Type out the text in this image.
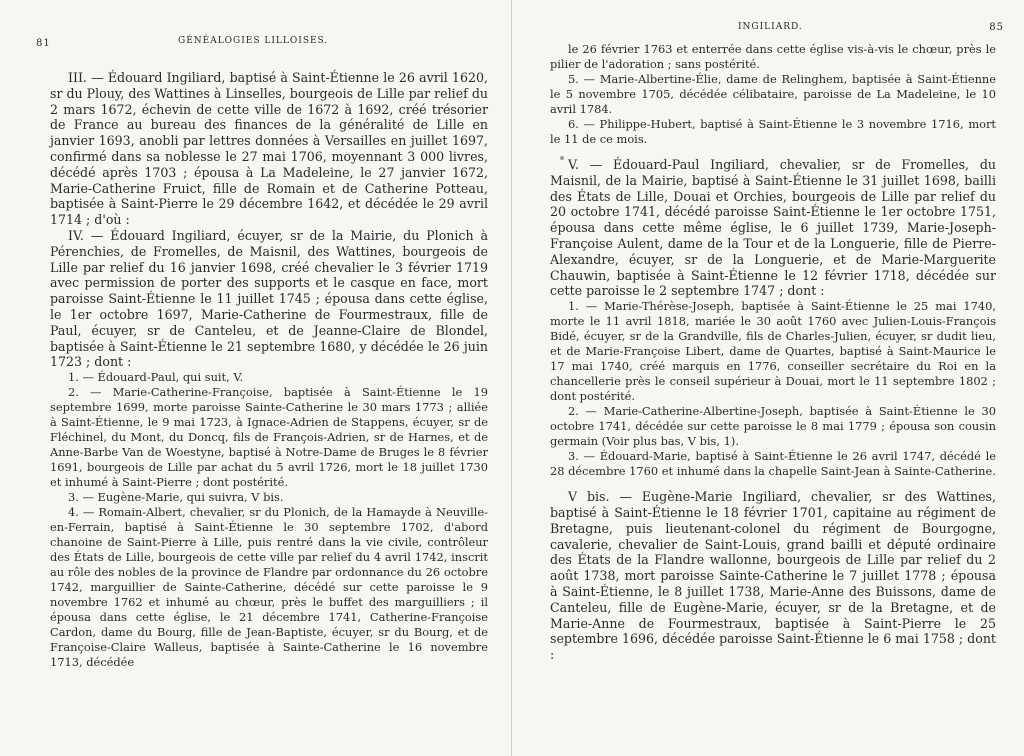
81	GÉNÉALOGIES LILLOISES.

III. — Édouard Ingiliard, baptisé à Saint-Étienne le 26 avril 1620, sr du Plouy, des Wattines à Linselles, bourgeois de Lille par relief du 2 mars 1672, échevin de cette ville de 1672 à 1692, créé trésorier de France au bureau des finances de la généralité de Lille en janvier 1693, anobli par lettres données à Versailles en juillet 1697, confirmé dans sa noblesse le 27 mai 1706, moyennant 3 000 livres, décédé après 1703 ; épousa à La Madeleine, le 27 janvier 1672, Marie-Catherine Fruict, fille de Romain et de Catherine Potteau, baptisée à Saint-Pierre le 29 décembre 1642, et décédée le 29 avril 1714 ; d'où :

IV. — Édouard Ingiliard, écuyer, sr de la Mairie, du Plonich à Pérenchies, de Fromelles, de Maisnil, des Wattines, bourgeois de Lille par relief du 16 janvier 1698, créé chevalier le 3 février 1719 avec permission de porter des supports et le casque en face, mort paroisse Saint-Étienne le 11 juillet 1745 ; épousa dans cette église, le 1er octobre 1697, Marie-Catherine de Fourmestraux, fille de Paul, écuyer, sr de Canteleu, et de Jeanne-Claire de Blondel, baptisée à Saint-Étienne le 21 septembre 1680, y décédée le 26 juin 1723 ; dont :

1. — Édouard-Paul, qui suit, V.

2. — Marie-Catherine-Françoise, baptisée à Saint-Étienne le 19 septembre 1699, morte paroisse Sainte-Catherine le 30 mars 1773 ; alliée à Saint-Étienne, le 9 mai 1723, à Ignace-Adrien de Stappens, écuyer, sr de Fléchinel, du Mont, du Doncq, fils de François-Adrien, sr de Harnes, et de Anne-Barbe Van de Woestyne, baptisé à Notre-Dame de Bruges le 8 février 1691, bourgeois de Lille par achat du 5 avril 1726, mort le 18 juillet 1730 et inhumé à Saint-Pierre ; dont postérité.

3. — Eugène-Marie, qui suivra, V bis.

4. — Romain-Albert, chevalier, sr du Plonich, de la Hamayde à Neuville-en-Ferrain, baptisé à Saint-Étienne le 30 septembre 1702, d'abord chanoine de Saint-Pierre à Lille, puis rentré dans la vie civile, contrôleur des États de Lille, bourgeois de cette ville par relief du 4 avril 1742, inscrit au rôle des nobles de la province de Flandre par ordonnance du 26 octobre 1742, marguillier de Sainte-Catherine, décédé sur cette paroisse le 9 novembre 1762 et inhumé au chœur, près le buffet des marguilliers ; il épousa dans cette église, le 21 décembre 1741, Catherine-Françoise Cardon, dame du Bourg, fille de Jean-Baptiste, écuyer, sr du Bourg, et de Françoise-Claire Walleus, baptisée à Sainte-Catherine le 16 novembre 1713, décédée

INGILIARD.	85

le 26 février 1763 et enterrée dans cette église vis-à-vis le chœur, près le pilier de l'adoration ; sans postérité.

5. — Marie-Albertine-Élie, dame de Relinghem, baptisée à Saint-Étienne le 5 novembre 1705, décédée célibataire, paroisse de La Madeleine, le 10 avril 1784.

6. — Philippe-Hubert, baptisé à Saint-Étienne le 3 novembre 1716, mort le 11 de ce mois.

V. — Édouard-Paul Ingiliard, chevalier, sr de Fromelles, du Maisnil, de la Mairie, baptisé à Saint-Étienne le 31 juillet 1698, bailli des États de Lille, Douai et Orchies, bourgeois de Lille par relief du 20 octobre 1741, décédé paroisse Saint-Étienne le 1er octobre 1751, épousa dans cette même église, le 6 juillet 1739, Marie-Joseph-Françoise Aulent, dame de la Tour et de la Longuerie, fille de Pierre-Alexandre, écuyer, sr de la Longuerie, et de Marie-Marguerite Chauwin, baptisée à Saint-Étienne le 12 février 1718, décédée sur cette paroisse le 2 septembre 1747 ; dont :

1. — Marie-Thérèse-Joseph, baptisée à Saint-Étienne le 25 mai 1740, morte le 11 avril 1818, mariée le 30 août 1760 avec Julien-Louis-François Bidé, écuyer, sr de la Grandville, fils de Charles-Julien, écuyer, sr dudit lieu, et de Marie-Françoise Libert, dame de Quartes, baptisé à Saint-Maurice le 17 mai 1740, créé marquis en 1776, conseiller secrétaire du Roi en la chancellerie près le conseil supérieur à Douai, mort le 11 septembre 1802 ; dont postérité.

2. — Marie-Catherine-Albertine-Joseph, baptisée à Saint-Étienne le 30 octobre 1741, décédée sur cette paroisse le 8 mai 1779 ; épousa son cousin germain (Voir plus bas, V bis, 1).

3. — Édouard-Marie, baptisé à Saint-Étienne le 26 avril 1747, décédé le 28 décembre 1760 et inhumé dans la chapelle Saint-Jean à Sainte-Catherine.

V bis. — Eugène-Marie Ingiliard, chevalier, sr des Wattines, baptisé à Saint-Étienne le 18 février 1701, capitaine au régiment de Bretagne, puis lieutenant-colonel du régiment de Bourgogne, cavalerie, chevalier de Saint-Louis, grand bailli et député ordinaire des États de la Flandre wallonne, bourgeois de Lille par relief du 2 août 1738, mort paroisse Sainte-Catherine le 7 juillet 1778 ; épousa à Saint-Étienne, le 8 juillet 1738, Marie-Anne des Buissons, dame de Canteleu, fille de Eugène-Marie, écuyer, sr de la Bretagne, et de Marie-Anne de Fourmestraux, baptisée à Saint-Pierre le 25 septembre 1696, décédée paroisse Saint-Étienne le 6 mai 1758 ; dont :
